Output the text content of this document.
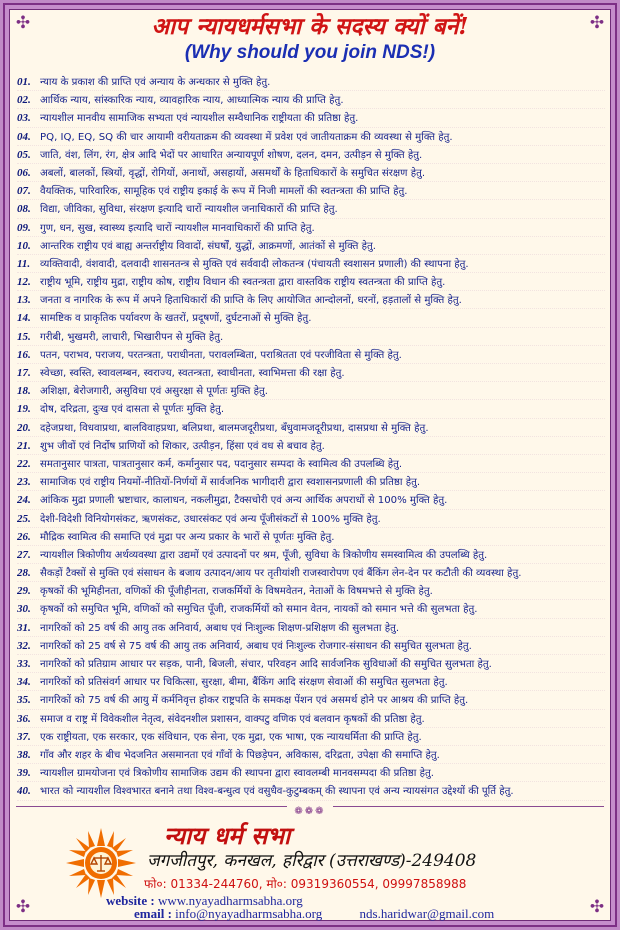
✣	✣
✣	✣
आप न्यायधर्मसभा के सदस्य क्यों बनें!
(Why should you join NDS!)
01. न्याय के प्रकाश की प्राप्ति एवं अन्याय के अन्धकार से मुक्ति हेतु.
02. आर्थिक न्याय, सांस्कारिक न्याय, व्यावहारिक न्याय, आध्यात्मिक न्याय की प्राप्ति हेतु.
03. न्यायशील मानवीय सामाजिक सभ्यता एवं न्यायशील सम्वैधानिक राष्ट्रीयता की प्रतिष्ठा हेतु.
04. PQ, IQ, EQ, SQ की चार आयामी वरीयताक्रम की व्यवस्था में प्रवेश एवं जातीयताक्रम की व्यवस्था से मुक्ति हेतु.
05. जाति, वंश, लिंग, रंग, क्षेत्र आदि भेदों पर आधारित अन्यायपूर्ण शोषण, दलन, दमन, उत्पीड़न से मुक्ति हेतु.
06. अबलों, बालकों, स्त्रियों, वृद्धों, रोगियों, अनाथों, असहायों, असमर्थों के हिताधिकारों के समुचित संरक्षण हेतु.
07. वैयक्तिक, पारिवारिक, सामूहिक एवं राष्ट्रीय इकाई के रूप में निजी मामलों की स्वतन्त्रता की प्राप्ति हेतु.
08. विद्या, जीविका, सुविधा, संरक्षण इत्यादि चारों न्यायशील जनाधिकारों की प्राप्ति हेतु.
09. गुण, धन, सुख, स्वास्थ्य इत्यादि चारों न्यायशील मानवाधिकारों की प्राप्ति हेतु.
10. आन्तरिक राष्ट्रीय एवं बाह्य अन्तर्राष्ट्रीय विवादों, संघर्षों, युद्धों, आक्रमणों, आतंकों से मुक्ति हेतु.
11. व्यक्तिवादी, वंशवादी, दलवादी शासनतन्त्र से मुक्ति एवं सर्ववादी लोकतन्त्र (पंचायती स्वशासन प्रणाली) की स्थापना हेतु.
12. राष्ट्रीय भूमि, राष्ट्रीय मुद्रा, राष्ट्रीय कोष, राष्ट्रीय विधान की स्वतन्त्रता द्वारा वास्तविक राष्ट्रीय स्वतन्त्रता की प्राप्ति हेतु.
13. जनता व नागरिक के रूप में अपने हिताधिकारों की प्राप्ति के लिए आयोजित आन्दोलनों, धरनों, हड़तालों से मुक्ति हेतु.
14. सामष्टिक व प्राकृतिक पर्यावरण के खतरों, प्रदूषणों, दुर्घटनाओं से मुक्ति हेतु.
15. गरीबी, भुखमरी, लाचारी, भिखारीपन से मुक्ति हेतु.
16. पतन, पराभव, पराजय, परतन्त्रता, पराधीनता, परावलम्बिता, पराश्रितता एवं परजीविता से मुक्ति हेतु.
17. स्वेच्छा, स्वस्ति, स्वावलम्बन, स्वराज्य, स्वतन्त्रता, स्वाधीनता, स्वाभिमत्ता की रक्षा हेतु.
18. अशिक्षा, बेरोजगारी, असुविधा एवं असुरक्षा से पूर्णतः मुक्ति हेतु.
19. दोष, दरिद्रता, दुःख एवं दासता से पूर्णतः मुक्ति हेतु.
20. दहेजप्रथा, विधवाप्रथा, बालविवाहप्रथा, बलिप्रथा, बालमजदूरीप्रथा, बँधुवामजदूरीप्रथा, दासप्रथा से मुक्ति हेतु.
21. शुभ जीवों एवं निर्दोष प्राणियों को शिकार, उत्पीड़न, हिंसा एवं वध से बचाव हेतु.
22. समतानुसार पात्रता, पात्रतानुसार कर्म, कर्मानुसार पद, पदानुसार सम्पदा के स्वामित्व की उपलब्धि हेतु.
23. सामाजिक एवं राष्ट्रीय नियमों-नीतियों-निर्णयों में सार्वजनिक भागीदारी द्वारा स्वशासनप्रणाली की प्रतिष्ठा हेतु.
24. आंकिक मुद्रा प्रणाली भ्रष्टाचार, कालाधन, नकलीमुद्रा, टैक्सचोरी एवं अन्य आर्थिक अपराधों से 100% मुक्ति हेतु.
25. देशी-विदेशी विनियोगसंकट, ऋणसंकट, उधारसंकट एवं अन्य पूँजीसंकटों से 100% मुक्ति हेतु.
26. मौद्रिक स्वामित्व की समाप्ति एवं मुद्रा पर अन्य प्रकार के भारों से पूर्णतः मुक्ति हेतु.
27. न्यायशील त्रिकोणीय अर्थव्यवस्था द्वारा उद्यमों एवं उत्पादनों पर श्रम, पूँजी, सुविधा के त्रिकोणीय समस्वामित्व की उपलब्धि हेतु.
28. सैकड़ों टैक्सों से मुक्ति एवं संसाधन के बजाय उत्पादन/आय पर तृतीयांशी राजस्वारोपण एवं बैंकिंग लेन-देन पर कटौती की व्यवस्था हेतु.
29. कृषकों की भूमिहीनता, वणिकों की पूँजीहीनता, राजकर्मियों के विषमवेतन, नेताओं के विषमभत्ते से मुक्ति हेतु.
30. कृषकों को समुचित भूमि, वणिकों को समुचित पूँजी, राजकर्मियों को समान वेतन, नायकों को समान भत्ते की सुलभता हेतु.
31. नागरिकों को 25 वर्ष की आयु तक अनिवार्य, अबाध एवं निःशुल्क शिक्षण-प्रशिक्षण की सुलभता हेतु.
32. नागरिकों को 25 वर्ष से 75 वर्ष की आयु तक अनिवार्य, अबाध एवं निःशुल्क रोजगार-संसाधन की समुचित सुलभता हेतु.
33. नागरिकों को प्रतिग्राम आधार पर सड़क, पानी, बिजली, संचार, परिवहन आदि सार्वजनिक सुविधाओं की समुचित सुलभता हेतु.
34. नागरिकों को प्रतिसंवर्ग आधार पर चिकित्सा, सुरक्षा, बीमा, बैंकिंग आदि संरक्षण सेवाओं की समुचित सुलभता हेतु.
35. नागरिकों को 75 वर्ष की आयु में कर्मनिवृत्त होकर राष्ट्रपति के समकक्ष पेंशन एवं असमर्थ होने पर आश्रय की प्राप्ति हेतु.
36. समाज व राष्ट्र में विवेकशील नेतृत्व, संवेदनशील प्रशासन, वाक्पटु वणिक एवं बलवान कृषकों की प्रतिष्ठा हेतु.
37. एक राष्ट्रीयता, एक सरकार, एक संविधान, एक सेना, एक मुद्रा, एक भाषा, एक न्यायधर्मिता की प्राप्ति हेतु.
38. गाँव और शहर के बीच भेदजनित असमानता एवं गाँवों के पिछड़ेपन, अविकास, दरिद्रता, उपेक्षा की समाप्ति हेतु.
39. न्यायशील ग्रामयोजना एवं त्रिकोणीय सामाजिक उद्यम की स्थापना द्वारा स्वावलम्बी मानवसम्पदा की प्रतिष्ठा हेतु.
40. भारत को न्यायशील विश्वभारत बनाने तथा विश्व-बन्धुत्व एवं वसुधैव-कुटुम्बकम् की स्थापना एवं अन्य न्यायसंगत उद्देश्यों की पूर्ति हेतु.
❁❁❁
न्याय धर्म सभा
जगजीतपुर, कनखल, हरिद्वार (उत्तराखण्ड)-249408
फो०: 01334-244760, मो०: 09319360554, 09997858988
website : www.nyayadharmsabha.org
email : info@nyayadharmsabha.org	nds.haridwar@gmail.com
